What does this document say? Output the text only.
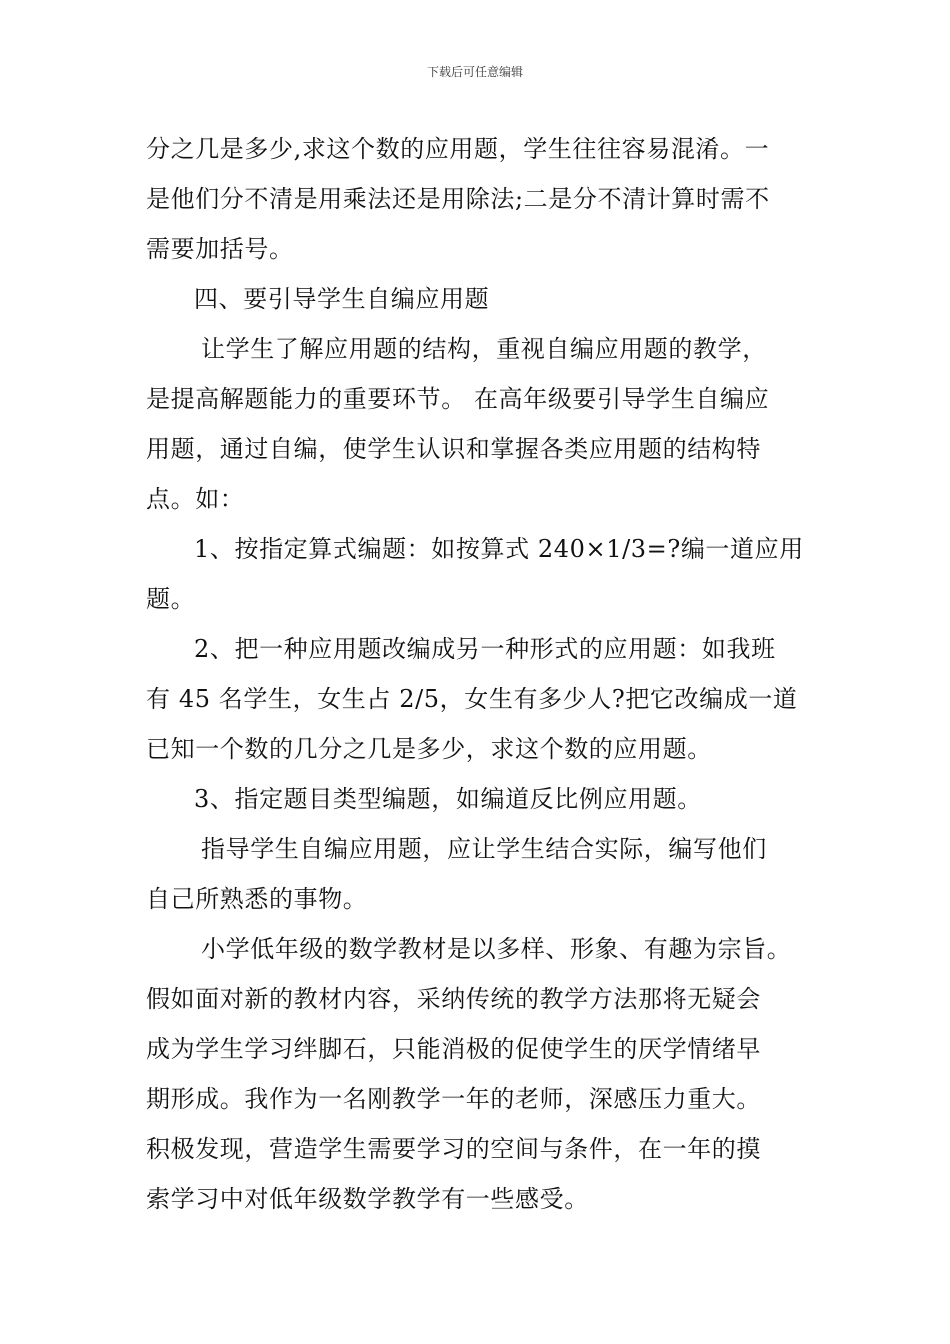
下载后可任意编辑
分之几是多少,求这个数的应用题，学生往往容易混淆。一
是他们分不清是用乘法还是用除法;二是分不清计算时需不
需要加括号。
四、要引导学生自编应用题
让学生了解应用题的结构，重视自编应用题的教学，
是提高解题能力的重要环节。 在高年级要引导学生自编应
用题，通过自编，使学生认识和掌握各类应用题的结构特
点。如：
1、按指定算式编题：如按算式 240×1/3=?编一道应用
题。
2、把一种应用题改编成另一种形式的应用题：如我班
有 45 名学生，女生占 2/5，女生有多少人?把它改编成一道
已知一个数的几分之几是多少，求这个数的应用题。
3、指定题目类型编题，如编道反比例应用题。
指导学生自编应用题，应让学生结合实际，编写他们
自己所熟悉的事物。
小学低年级的数学教材是以多样、形象、有趣为宗旨。
假如面对新的教材内容，采纳传统的教学方法那将无疑会
成为学生学习绊脚石，只能消极的促使学生的厌学情绪早
期形成。我作为一名刚教学一年的老师，深感压力重大。
积极发现，营造学生需要学习的空间与条件，在一年的摸
索学习中对低年级数学教学有一些感受。
